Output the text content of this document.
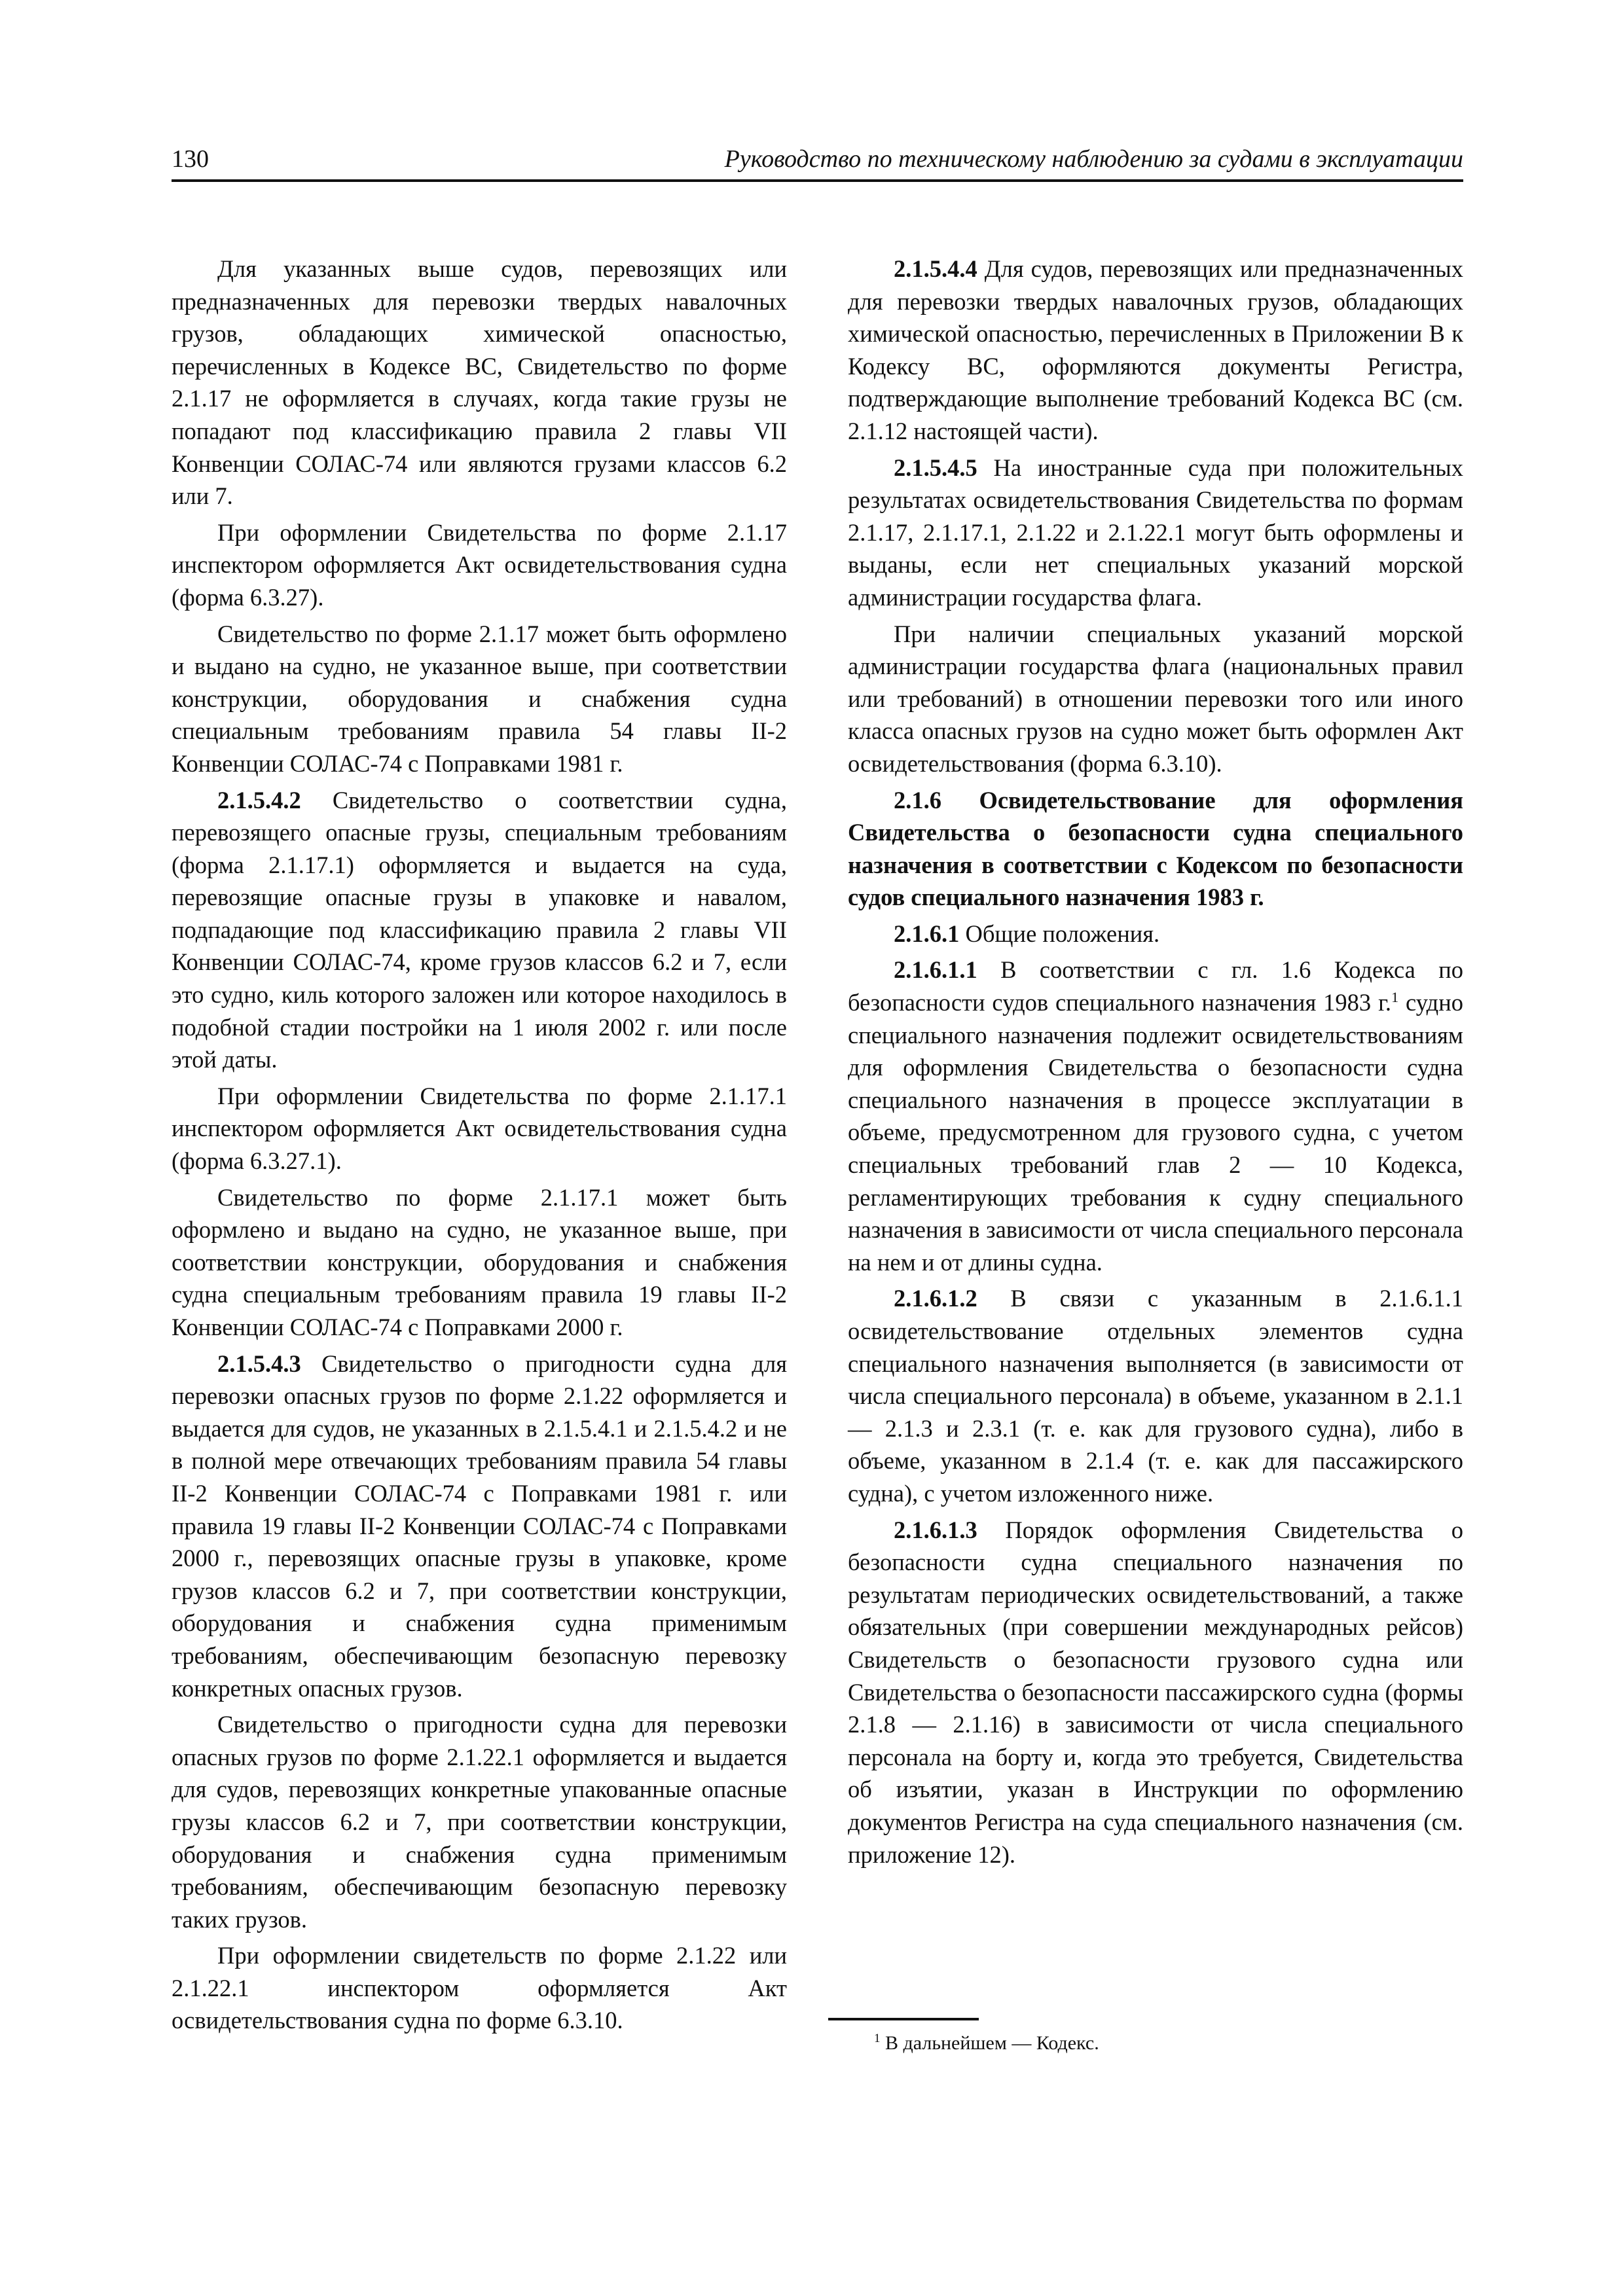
130	Руководство по техническому наблюдению за судами в эксплуатации

Для указанных выше судов, перевозящих или предназначенных для перевозки твердых навалочных грузов, обладающих химической опасностью, перечисленных в Кодексе ВС, Свидетельство по форме 2.1.17 не оформляется в случаях, когда такие грузы не попадают под классификацию правила 2 главы VII Конвенции СОЛАС-74 или являются грузами классов 6.2 или 7.

При оформлении Свидетельства по форме 2.1.17 инспектором оформляется Акт освидетельствования судна (форма 6.3.27).

Свидетельство по форме 2.1.17 может быть оформлено и выдано на судно, не указанное выше, при соответствии конструкции, оборудования и снабжения судна специальным требованиям правила 54 главы II-2 Конвенции СОЛАС-74 с Поправками 1981 г.

2.1.5.4.2 Свидетельство о соответствии судна, перевозящего опасные грузы, специальным требованиям (форма 2.1.17.1) оформляется и выдается на суда, перевозящие опасные грузы в упаковке и навалом, подпадающие под классификацию правила 2 главы VII Конвенции СОЛАС-74, кроме грузов классов 6.2 и 7, если это судно, киль которого заложен или которое находилось в подобной стадии постройки на 1 июля 2002 г. или после этой даты.

При оформлении Свидетельства по форме 2.1.17.1 инспектором оформляется Акт освидетельствования судна (форма 6.3.27.1).

Свидетельство по форме 2.1.17.1 может быть оформлено и выдано на судно, не указанное выше, при соответствии конструкции, оборудования и снабжения судна специальным требованиям правила 19 главы II-2 Конвенции СОЛАС-74 с Поправками 2000 г.

2.1.5.4.3 Свидетельство о пригодности судна для перевозки опасных грузов по форме 2.1.22 оформляется и выдается для судов, не указанных в 2.1.5.4.1 и 2.1.5.4.2 и не в полной мере отвечающих требованиям правила 54 главы II-2 Конвенции СОЛАС-74 с Поправками 1981 г. или правила 19 главы II-2 Конвенции СОЛАС-74 с Поправками 2000 г., перевозящих опасные грузы в упаковке, кроме грузов классов 6.2 и 7, при соответствии конструкции, оборудования и снабжения судна применимым требованиям, обеспечивающим безопасную перевозку конкретных опасных грузов.

Свидетельство о пригодности судна для перевозки опасных грузов по форме 2.1.22.1 оформляется и выдается для судов, перевозящих конкретные упакованные опасные грузы классов 6.2 и 7, при соответствии конструкции, оборудования и снабжения судна применимым требованиям, обеспечивающим безопасную перевозку таких грузов.

При оформлении свидетельств по форме 2.1.22 или 2.1.22.1 инспектором оформляется Акт освидетельствования судна по форме 6.3.10.

2.1.5.4.4 Для судов, перевозящих или предназначенных для перевозки твердых навалочных грузов, обладающих химической опасностью, перечисленных в Приложении В к Кодексу ВС, оформляются документы Регистра, подтверждающие выполнение требований Кодекса ВС (см. 2.1.12 настоящей части).

2.1.5.4.5 На иностранные суда при положительных результатах освидетельствования Свидетельства по формам 2.1.17, 2.1.17.1, 2.1.22 и 2.1.22.1 могут быть оформлены и выданы, если нет специальных указаний морской администрации государства флага.

При наличии специальных указаний морской администрации государства флага (национальных правил или требований) в отношении перевозки того или иного класса опасных грузов на судно может быть оформлен Акт освидетельствования (форма 6.3.10).

2.1.6 Освидетельствование для оформления Свидетельства о безопасности судна специального назначения в соответствии с Кодексом по безопасности судов специального назначения 1983 г.

2.1.6.1 Общие положения.

2.1.6.1.1 В соответствии с гл. 1.6 Кодекса по безопасности судов специального назначения 1983 г.$^1$ судно специального назначения подлежит освидетельствованиям для оформления Свидетельства о безопасности судна специального назначения в процессе эксплуатации в объеме, предусмотренном для грузового судна, с учетом специальных требований глав 2 — 10 Кодекса, регламентирующих требования к судну специального назначения в зависимости от числа специального персонала на нем и от длины судна.

2.1.6.1.2 В связи с указанным в 2.1.6.1.1 освидетельствование отдельных элементов судна специального назначения выполняется (в зависимости от числа специального персонала) в объеме, указанном в 2.1.1 — 2.1.3 и 2.3.1 (т. е. как для грузового судна), либо в объеме, указанном в 2.1.4 (т. е. как для пассажирского судна), с учетом изложенного ниже.

2.1.6.1.3 Порядок оформления Свидетельства о безопасности судна специального назначения по результатам периодических освидетельствований, а также обязательных (при совершении международных рейсов) Свидетельств о безопасности грузового судна или Свидетельства о безопасности пассажирского судна (формы 2.1.8 — 2.1.16) в зависимости от числа специального персонала на борту и, когда это требуется, Свидетельства об изъятии, указан в Инструкции по оформлению документов Регистра на суда специального назначения (см. приложение 12).

$^1$ В дальнейшем — Кодекс.
